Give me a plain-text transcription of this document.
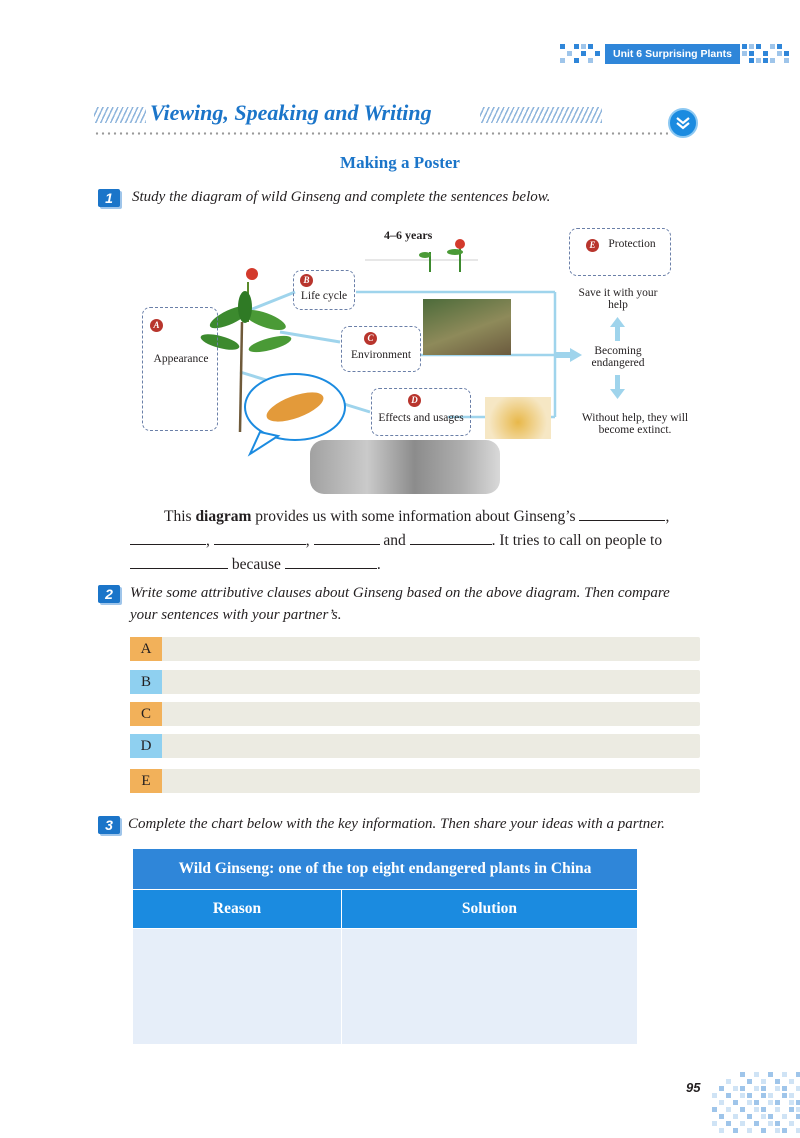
Unit 6 Surprising Plants
Viewing, Speaking and Writing
Making a Poster
1	Study the diagram of wild Ginseng and complete the sentences below.
4–6 years
A
Appearance
B
Life cycle
C
Environment
D
Effects and usages
E	Protection
Save it with your help
Becoming endangered
Without help, they will become extinct.
This diagram provides us with some information about Ginseng’s	,
,	,	and	. It tries to call on people to
because	.
2	Write some attributive clauses about Ginseng based on the above diagram. Then compare
your sentences with your partner’s.
A
B
C
D
E
3	Complete the chart below with the key information. Then share your ideas with a partner.
Wild Ginseng: one of the top eight endangered plants in China	
Reason	Solution

95
